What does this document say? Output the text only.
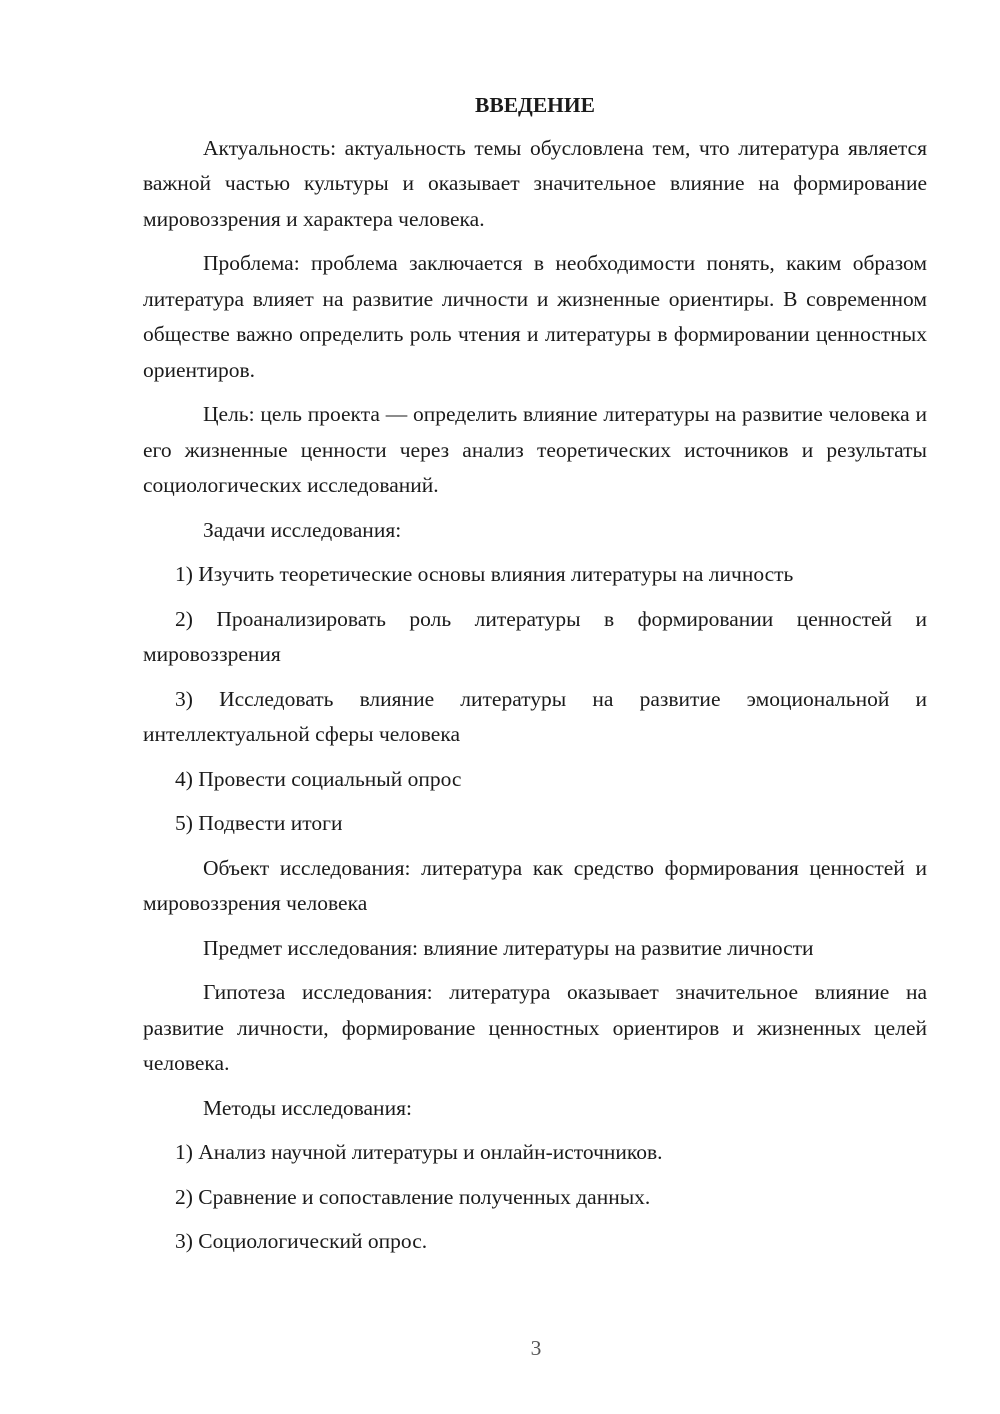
ВВЕДЕНИЕ

Актуальность: актуальность темы обусловлена тем, что литература является важной частью культуры и оказывает значительное влияние на формирование мировоззрения и характера человека.

Проблема: проблема заключается в необходимости понять, каким образом литература влияет на развитие личности и жизненные ориентиры. В современном обществе важно определить роль чтения и литературы в формировании ценностных ориентиров.

Цель: цель проекта — определить влияние литературы на развитие человека и его жизненные ценности через анализ теоретических источников и результаты социологических исследований.

Задачи исследования:

1) Изучить теоретические основы влияния литературы на личность

2) Проанализировать роль литературы в формировании ценностей и мировоззрения

3) Исследовать влияние литературы на развитие эмоциональной и интеллектуальной сферы человека

4) Провести социальный опрос

5) Подвести итоги

Объект исследования: литература как средство формирования ценностей и мировоззрения человека

Предмет исследования: влияние литературы на развитие личности

Гипотеза исследования: литература оказывает значительное влияние на развитие личности, формирование ценностных ориентиров и жизненных целей человека.

Методы исследования:

1) Анализ научной литературы и онлайн-источников.

2) Сравнение и сопоставление полученных данных.

3) Социологический опрос.

3
